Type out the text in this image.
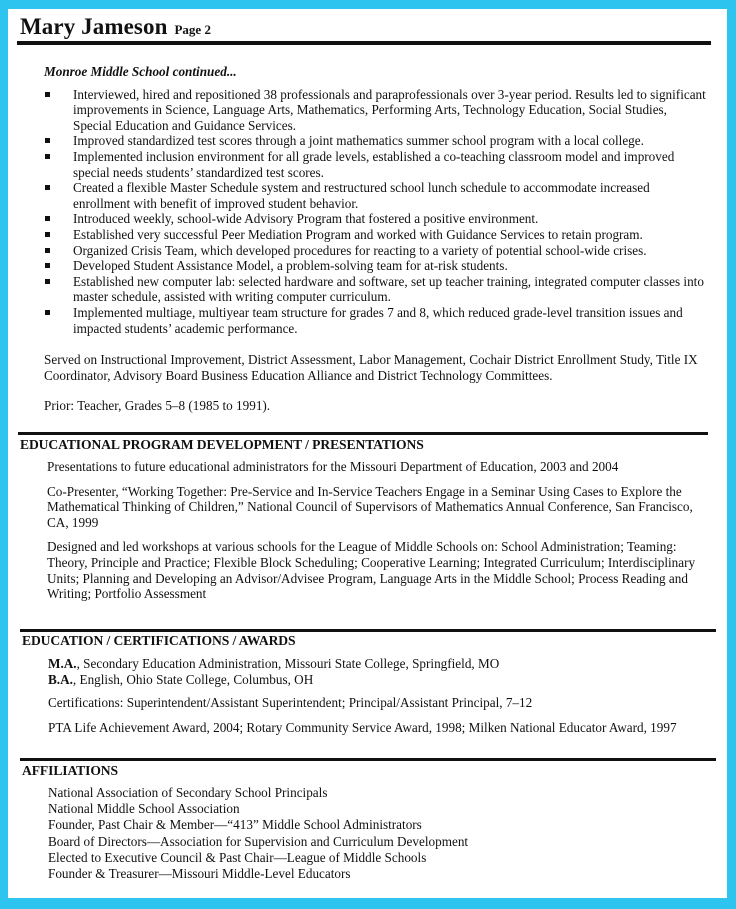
Mary Jameson Page 2
Monroe Middle School continued...
Interviewed, hired and repositioned 38 professionals and paraprofessionals over 3-year period. Results led to significant improvements in Science, Language Arts, Mathematics, Performing Arts, Technology Education, Social Studies, Special Education and Guidance Services.
Improved standardized test scores through a joint mathematics summer school program with a local college.
Implemented inclusion environment for all grade levels, established a co-teaching classroom model and improved special needs students’ standardized test scores.
Created a flexible Master Schedule system and restructured school lunch schedule to accommodate increased enrollment with benefit of improved student behavior.
Introduced weekly, school-wide Advisory Program that fostered a positive environment.
Established very successful Peer Mediation Program and worked with Guidance Services to retain program.
Organized Crisis Team, which developed procedures for reacting to a variety of potential school-wide crises.
Developed Student Assistance Model, a problem-solving team for at-risk students.
Established new computer lab: selected hardware and software, set up teacher training, integrated computer classes into master schedule, assisted with writing computer curriculum.
Implemented multiage, multiyear team structure for grades 7 and 8, which reduced grade-level transition issues and impacted students’ academic performance.
Served on Instructional Improvement, District Assessment, Labor Management, Cochair District Enrollment Study, Title IX Coordinator, Advisory Board Business Education Alliance and District Technology Committees.
Prior: Teacher, Grades 5–8 (1985 to 1991).
EDUCATIONAL PROGRAM DEVELOPMENT / PRESENTATIONS
Presentations to future educational administrators for the Missouri Department of Education, 2003 and 2004
Co-Presenter, “Working Together: Pre-Service and In-Service Teachers Engage in a Seminar Using Cases to Explore the Mathematical Thinking of Children,” National Council of Supervisors of Mathematics Annual Conference, San Francisco, CA, 1999
Designed and led workshops at various schools for the League of Middle Schools on: School Administration; Teaming: Theory, Principle and Practice; Flexible Block Scheduling; Cooperative Learning; Integrated Curriculum; Interdisciplinary Units; Planning and Developing an Advisor/Advisee Program, Language Arts in the Middle School; Process Reading and Writing; Portfolio Assessment
EDUCATION / CERTIFICATIONS / AWARDS
M.A., Secondary Education Administration, Missouri State College, Springfield, MO
B.A., English, Ohio State College, Columbus, OH
Certifications: Superintendent/Assistant Superintendent; Principal/Assistant Principal, 7–12
PTA Life Achievement Award, 2004; Rotary Community Service Award, 1998; Milken National Educator Award, 1997
AFFILIATIONS
National Association of Secondary School Principals
National Middle School Association
Founder, Past Chair & Member—“413” Middle School Administrators
Board of Directors—Association for Supervision and Curriculum Development
Elected to Executive Council & Past Chair—League of Middle Schools
Founder & Treasurer—Missouri Middle-Level Educators
